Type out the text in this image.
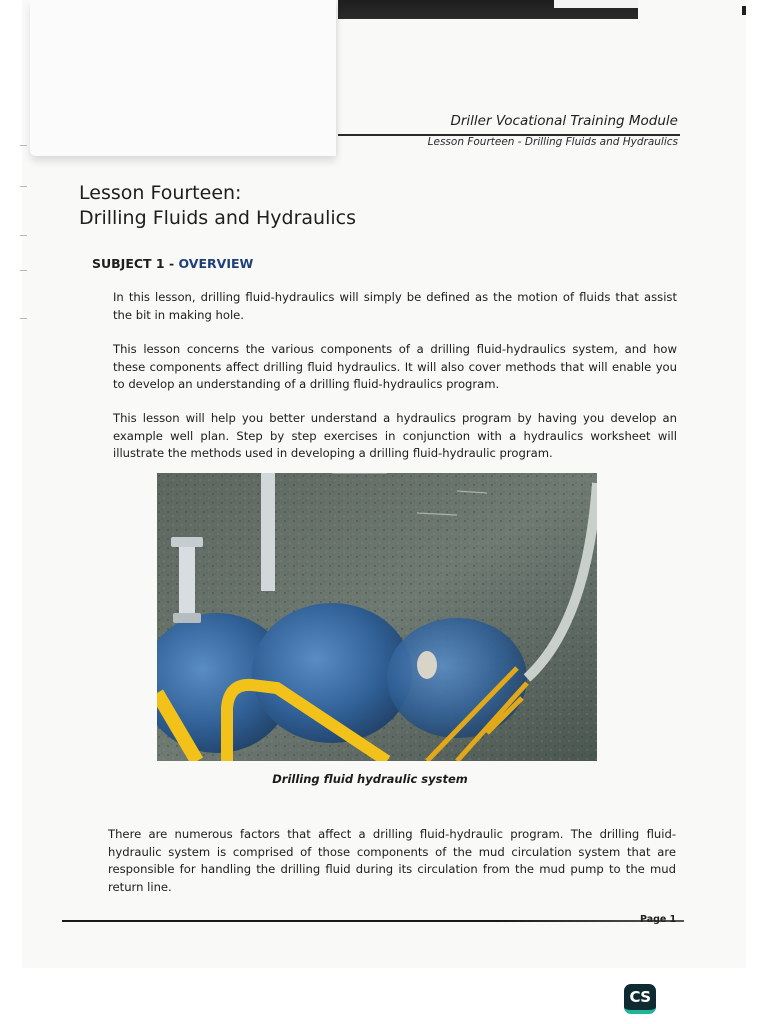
Driller Vocational Training Module
Lesson Fourteen - Drilling Fluids and Hydraulics
Lesson Fourteen:
Drilling Fluids and Hydraulics
SUBJECT 1 - OVERVIEW
In this lesson, drilling fluid-hydraulics will simply be defined as the motion of fluids that assist the bit in making hole.
This lesson concerns the various components of a drilling fluid-hydraulics system, and how these components affect drilling fluid hydraulics. It will also cover methods that will enable you to develop an understanding of a drilling fluid-hydraulics program.
This lesson will help you better understand a hydraulics program by having you develop an example well plan. Step by step exercises in conjunction with a hydraulics worksheet will illustrate the methods used in developing a drilling fluid-hydraulic program.
Drilling fluid hydraulic system
There are numerous factors that affect a drilling fluid-hydraulic program. The drilling fluid-hydraulic system is comprised of those components of the mud circulation system that are responsible for handling the drilling fluid during its circulation from the mud pump to the mud return line.
Page 1
CS
